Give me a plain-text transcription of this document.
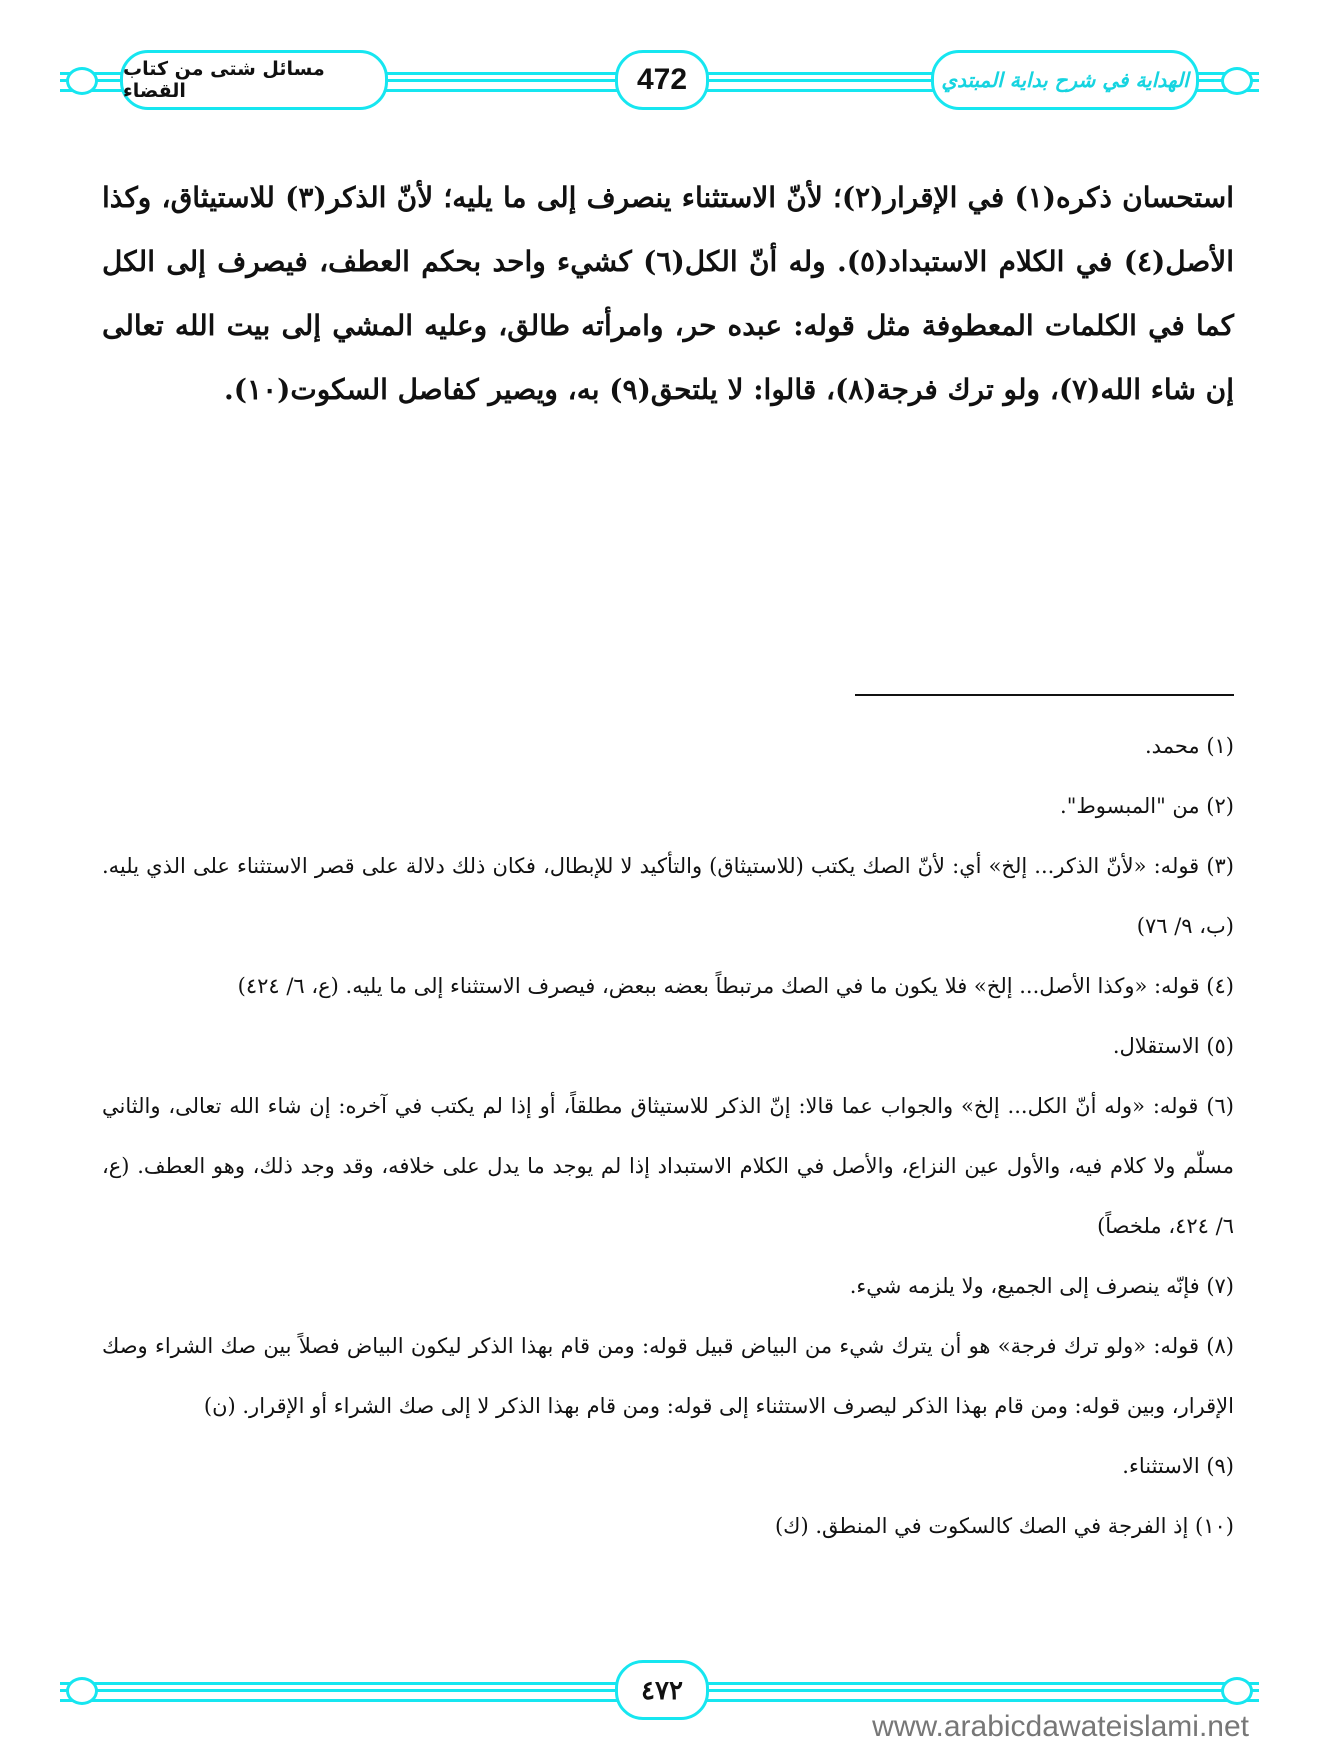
مسائل شتى من كتاب القضاء	472	الهداية في شرح بداية المبتدي
استحسان ذكره(١) في الإقرار(٢)؛ لأنّ الاستثناء ينصرف إلى ما يليه؛ لأنّ الذكر(٣) للاستيثاق، وكذا الأصل(٤) في الكلام الاستبداد(٥). وله أنّ الكل(٦) كشيء واحد بحكم العطف، فيصرف إلى الكل كما في الكلمات المعطوفة مثل قوله: عبده حر، وامرأته طالق، وعليه المشي إلى بيت الله تعالى إن شاء الله(٧)، ولو ترك فرجة(٨)، قالوا: لا يلتحق(٩) به، ويصير كفاصل السكوت(١٠).

(١) محمد.

(٢) من "المبسوط".

(٣) قوله: «لأنّ الذكر... إلخ» أي: لأنّ الصك يكتب (للاستيثاق) والتأكيد لا للإبطال، فكان ذلك دلالة على قصر الاستثناء على الذي يليه. (ب، ٩/ ٧٦)

(٤) قوله: «وكذا الأصل... إلخ» فلا يكون ما في الصك مرتبطاً بعضه ببعض، فيصرف الاستثناء إلى ما يليه. (ع، ٦/ ٤٢٤)

(٥) الاستقلال.

(٦) قوله: «وله أنّ الكل... إلخ» والجواب عما قالا: إنّ الذكر للاستيثاق مطلقاً، أو إذا لم يكتب في آخره: إن شاء الله تعالى، والثاني مسلّم ولا كلام فيه، والأول عين النزاع، والأصل في الكلام الاستبداد إذا لم يوجد ما يدل على خلافه، وقد وجد ذلك، وهو العطف. (ع، ٦/ ٤٢٤، ملخصاً)

(٧) فإنّه ينصرف إلى الجميع، ولا يلزمه شيء.

(٨) قوله: «ولو ترك فرجة» هو أن يترك شيء من البياض قبيل قوله: ومن قام بهذا الذكر ليكون البياض فصلاً بين صك الشراء وصك الإقرار، وبين قوله: ومن قام بهذا الذكر ليصرف الاستثناء إلى قوله: ومن قام بهذا الذكر لا إلى صك الشراء أو الإقرار. (ن)

(٩) الاستثناء.

(١٠) إذ الفرجة في الصك كالسكوت في المنطق. (ك)

٤٧٢
www.arabicdawateislami.net
